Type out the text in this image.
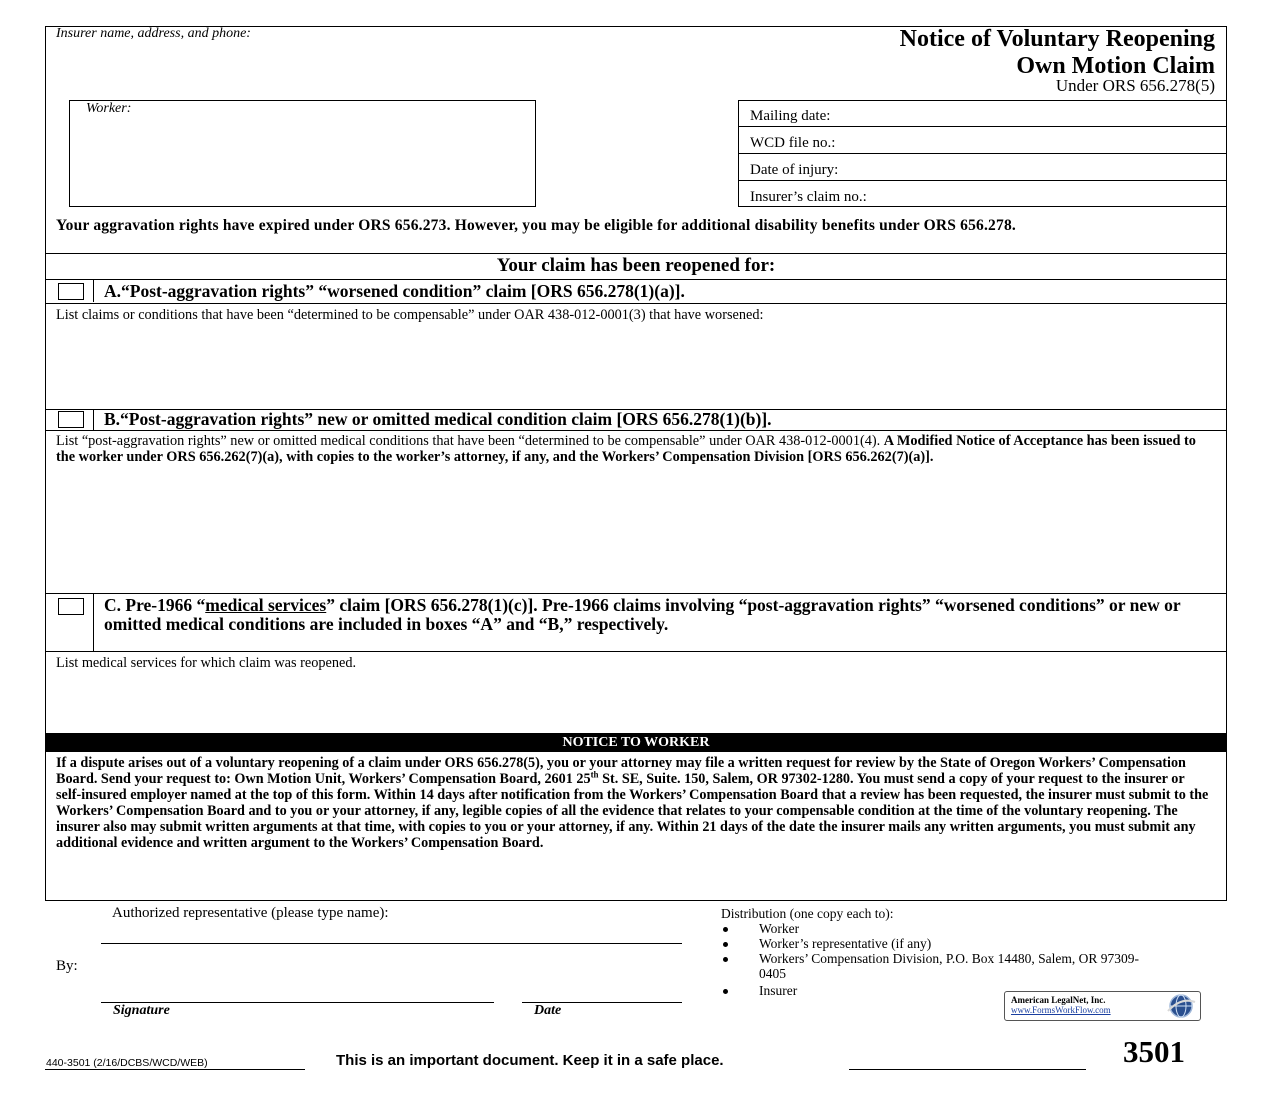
Insurer name, address, and phone:	Notice of Voluntary Reopening
Own Motion Claim
Under ORS 656.278(5)
Worker:	Mailing date:
WCD file no.:
Date of injury:
Insurer’s claim no.:
Your aggravation rights have expired under ORS 656.273. However, you may be eligible for additional disability benefits under ORS 656.278.
Your claim has been reopened for:
A.“Post-aggravation rights” “worsened condition” claim [ORS 656.278(1)(a)].
List claims or conditions that have been “determined to be compensable” under OAR 438-012-0001(3) that have worsened:
B.“Post-aggravation rights” new or omitted medical condition claim [ORS 656.278(1)(b)].
List “post-aggravation rights” new or omitted medical conditions that have been “determined to be compensable” under OAR 438-012-0001(4). A Modified Notice of Acceptance has been issued to the worker under ORS 656.262(7)(a), with copies to the worker’s attorney, if any, and the Workers’ Compensation Division [ORS 656.262(7)(a)].
C. Pre-1966 “medical services” claim [ORS 656.278(1)(c)]. Pre-1966 claims involving “post-aggravation rights” “worsened conditions” or new or omitted medical conditions are included in boxes “A” and “B,” respectively.
List medical services for which claim was reopened.
NOTICE TO WORKER
If a dispute arises out of a voluntary reopening of a claim under ORS 656.278(5), you or your attorney may file a written request for review by the State of Oregon Workers’ Compensation Board. Send your request to: Own Motion Unit, Workers’ Compensation Board, 2601 25th St. SE, Suite. 150, Salem, OR 97302-1280. You must send a copy of your request to the insurer or self-insured employer named at the top of this form. Within 14 days after notification from the Workers’ Compensation Board that a review has been requested, the insurer must submit to the Workers’ Compensation Board and to you or your attorney, if any, legible copies of all the evidence that relates to your compensable condition at the time of the voluntary reopening. The insurer also may submit written arguments at that time, with copies to you or your attorney, if any. Within 21 days of the date the insurer mails any written arguments, you must submit any additional evidence and written argument to the Workers’ Compensation Board.
Authorized representative (please type name):
By:
Signature	Date
Distribution (one copy each to):
Worker
Worker’s representative (if any)
Workers’ Compensation Division, P.O. Box 14480, Salem, OR 97309-0405
Insurer
American LegalNet, Inc.
www.FormsWorkFlow.com
440-3501 (2/16/DCBS/WCD/WEB)	This is an important document. Keep it in a safe place.	3501
